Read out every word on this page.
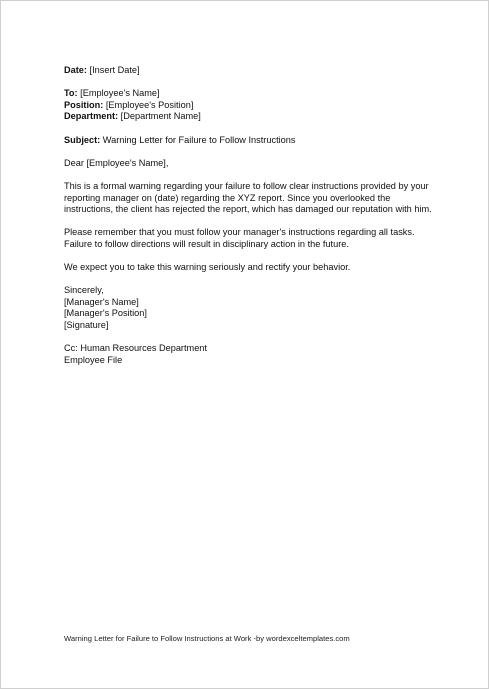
Date: [Insert Date]
To: [Employee's Name]
Position: [Employee's Position]
Department: [Department Name]
Subject: Warning Letter for Failure to Follow Instructions
Dear [Employee's Name],
This is a formal warning regarding your failure to follow clear instructions provided by your reporting manager on (date) regarding the XYZ report. Since you overlooked the instructions, the client has rejected the report, which has damaged our reputation with him.
Please remember that you must follow your manager's instructions regarding all tasks. Failure to follow directions will result in disciplinary action in the future.
We expect you to take this warning seriously and rectify your behavior.
Sincerely,
[Manager's Name]
[Manager's Position]
[Signature]
Cc: Human Resources Department
Employee File
Warning Letter for Failure to Follow Instructions at Work -by wordexceltemplates.com
